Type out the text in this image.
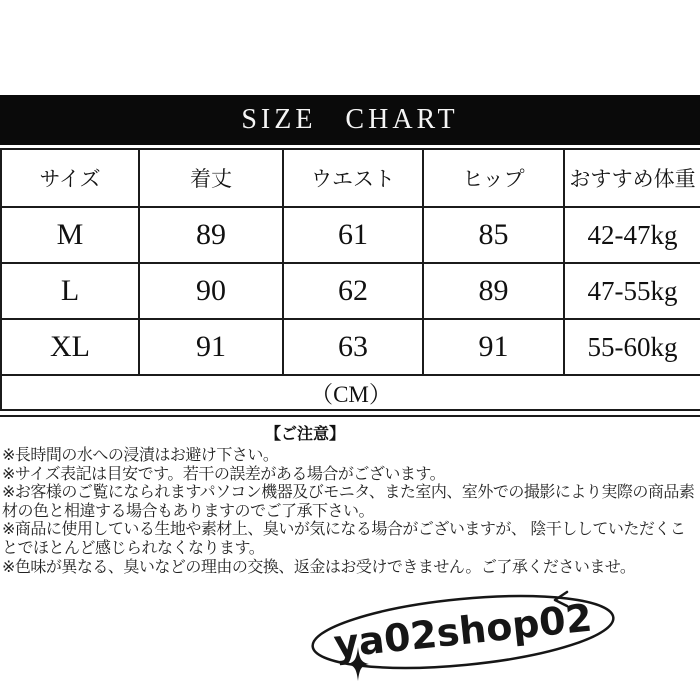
SIZE CHART
サイズ	着丈	ウエスト	ヒップ	おすすめ体重
M	89	61	85	42-47kg
L	90	62	89	47-55kg
XL	91	63	91	55-60kg
（CM）				
【ご注意】

※長時間の水への浸漬はお避け下さい。

※サイズ表記は目安です。若干の誤差がある場合がございます。

※お客様のご覧になられますパソコン機器及びモニタ、また室内、室外での撮影により実際の商品素材の色と相違する場合もありますのでご了承下さい。

※商品に使用している生地や素材上、臭いが気になる場合がございますが、 陰干ししていただくことでほとんど感じられなくなります。

※色味が異なる、臭いなどの理由の交換、返金はお受けできません。ご了承くださいませ。

ya02shop02
